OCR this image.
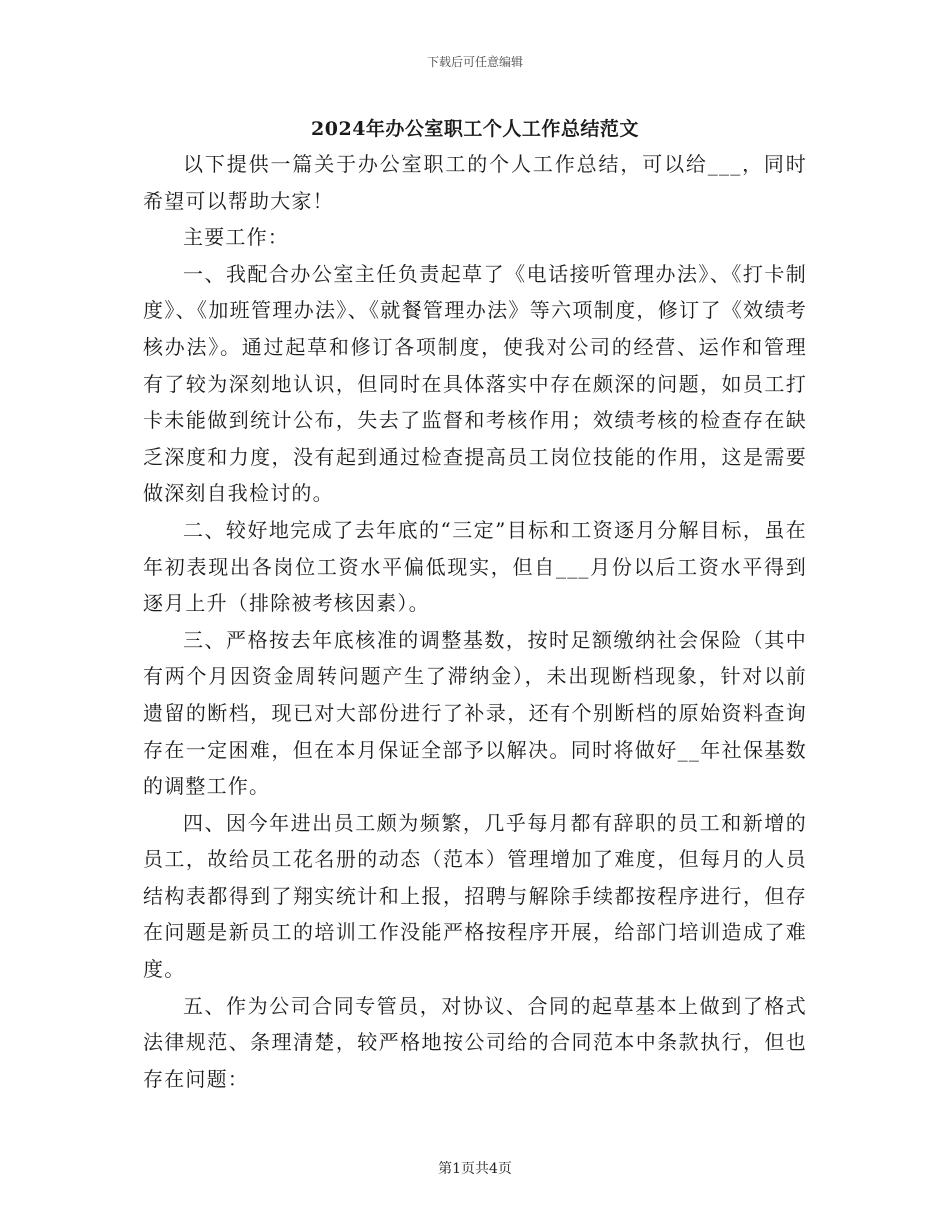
下载后可任意编辑
2024年办公室职工个人工作总结范文

以下提供一篇关于办公室职工的个人工作总结，可以给___，同时希望可以帮助大家！

主要工作：

一、我配合办公室主任负责起草了《电话接听管理办法》、《打卡制度》、《加班管理办法》、《就餐管理办法》等六项制度，修订了《效绩考核办法》。通过起草和修订各项制度，使我对公司的经营、运作和管理有了较为深刻地认识，但同时在具体落实中存在颇深的问题，如员工打卡未能做到统计公布，失去了监督和考核作用；效绩考核的检查存在缺乏深度和力度，没有起到通过检查提高员工岗位技能的作用，这是需要做深刻自我检讨的。

二、较好地完成了去年底的“三定”目标和工资逐月分解目标，虽在年初表现出各岗位工资水平偏低现实，但自___月份以后工资水平得到逐月上升（排除被考核因素）。

三、严格按去年底核准的调整基数，按时足额缴纳社会保险（其中有两个月因资金周转问题产生了滞纳金），未出现断档现象，针对以前遗留的断档，现已对大部份进行了补录，还有个别断档的原始资料查询存在一定困难，但在本月保证全部予以解决。同时将做好__年社保基数的调整工作。

四、因今年进出员工颇为频繁，几乎每月都有辞职的员工和新增的员工，故给员工花名册的动态（范本）管理增加了难度，但每月的人员结构表都得到了翔实统计和上报，招聘与解除手续都按程序进行，但存在问题是新员工的培训工作没能严格按程序开展，给部门培训造成了难度。

五、作为公司合同专管员，对协议、合同的起草基本上做到了格式法律规范、条理清楚，较严格地按公司给的合同范本中条款执行，但也存在问题：

第1页共4页
